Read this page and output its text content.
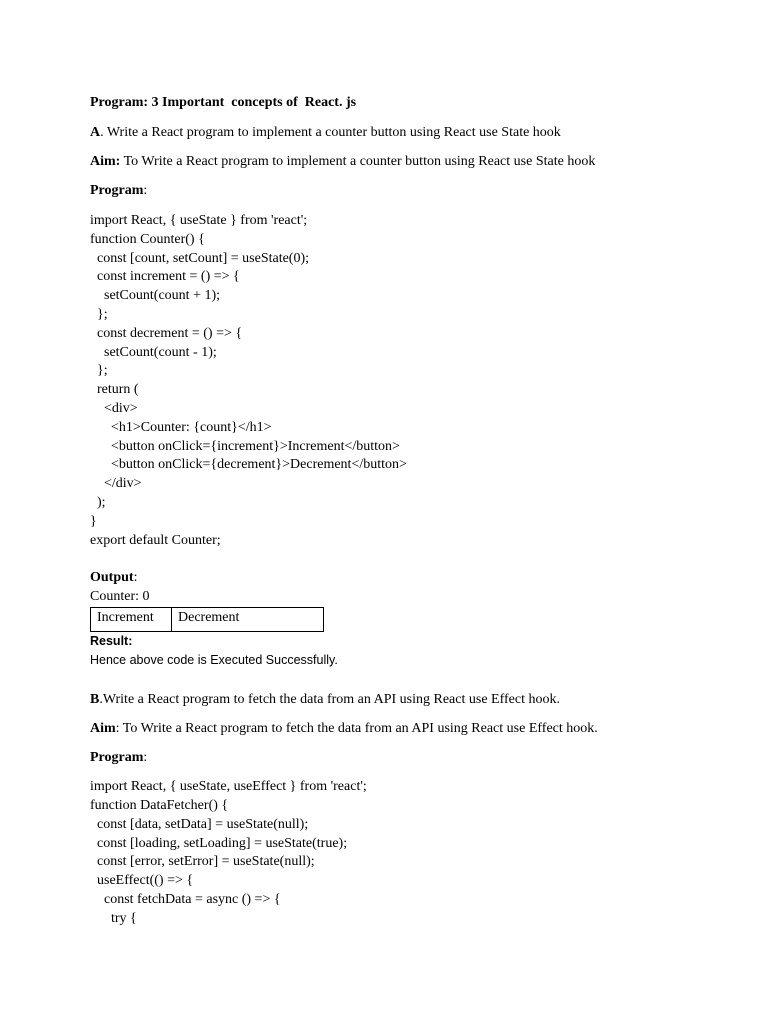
Program: 3 Important  concepts of  React. js

A. Write a React program to implement a counter button using React use State hook

Aim: To Write a React program to implement a counter button using React use State hook

Program:

import React, { useState } from 'react';

function Counter() {

const [count, setCount] = useState(0);

const increment = () => {

setCount(count + 1);

};

const decrement = () => {

setCount(count - 1);

};

return (

<div>

<h1>Counter: {count}</h1>

<button onClick={increment}>Increment</button>

<button onClick={decrement}>Decrement</button>

</div>

);

}

export default Counter;

Output:

Counter: 0

Increment	Decrement

Result:

Hence above code is Executed Successfully.

B.Write a React program to fetch the data from an API using React use Effect hook.

Aim: To Write a React program to fetch the data from an API using React use Effect hook.

Program:

import React, { useState, useEffect } from 'react';

function DataFetcher() {

const [data, setData] = useState(null);

const [loading, setLoading] = useState(true);

const [error, setError] = useState(null);

useEffect(() => {

const fetchData = async () => {

try {
